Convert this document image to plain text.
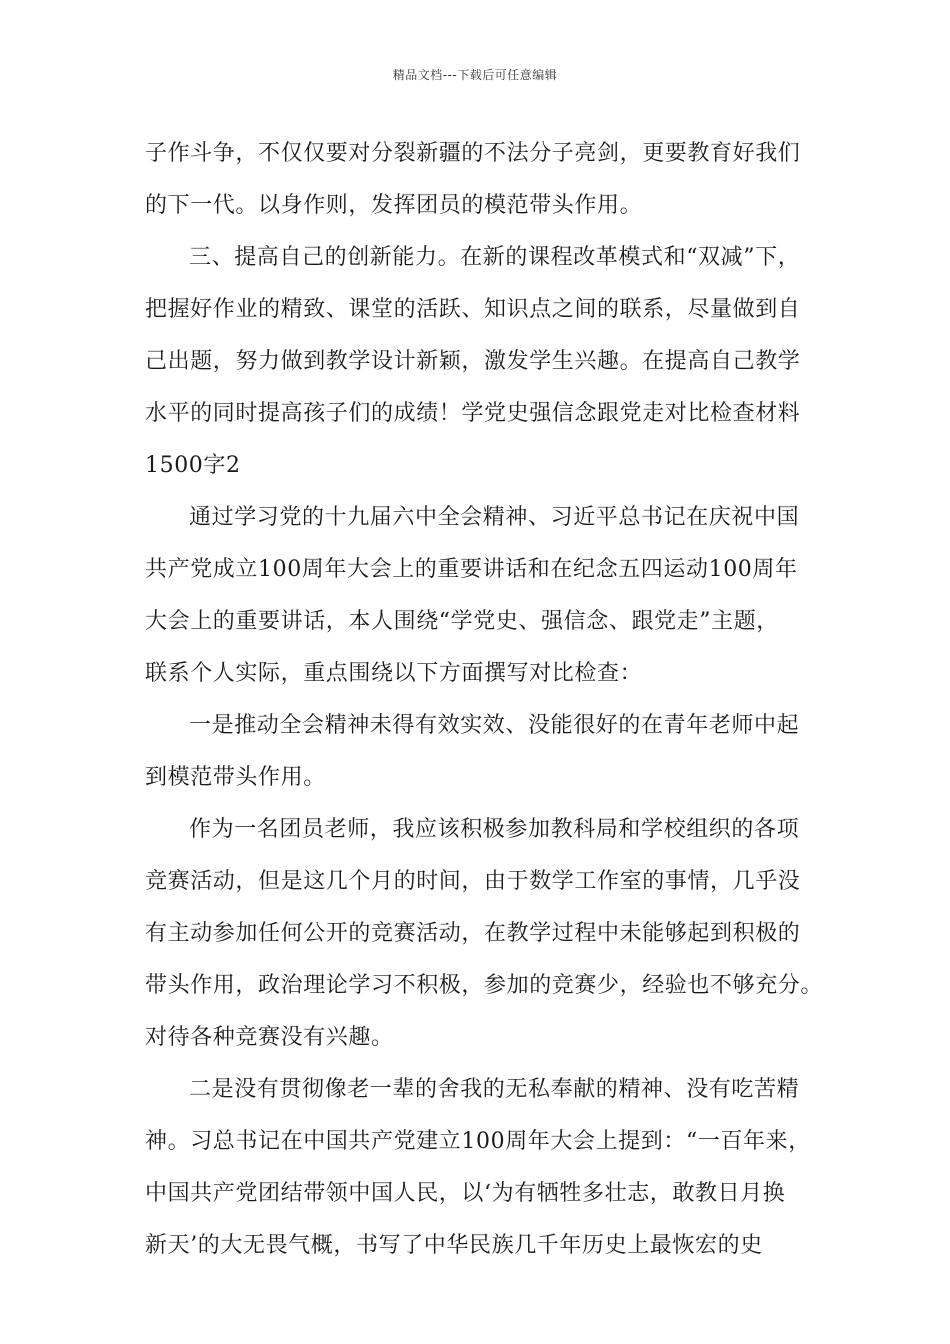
精品文档---下载后可任意编辑
子作斗争，不仅仅要对分裂新疆的不法分子亮剑，更要教育好我们
的下一代。以身作则，发挥团员的模范带头作用。
三、提高自己的创新能力。在新的课程改革模式和“双减”下，
把握好作业的精致、课堂的活跃、知识点之间的联系，尽量做到自
己出题，努力做到教学设计新颖，激发学生兴趣。在提高自己教学
水平的同时提高孩子们的成绩！学党史强信念跟党走对比检查材料
1500字2
通过学习党的十九届六中全会精神、习近平总书记在庆祝中国
共产党成立100周年大会上的重要讲话和在纪念五四运动100周年
大会上的重要讲话，本人围绕“学党史、强信念、跟党走”主题，
联系个人实际，重点围绕以下方面撰写对比检查：
一是推动全会精神未得有效实效、没能很好的在青年老师中起
到模范带头作用。
作为一名团员老师，我应该积极参加教科局和学校组织的各项
竞赛活动，但是这几个月的时间，由于数学工作室的事情，几乎没
有主动参加任何公开的竞赛活动，在教学过程中未能够起到积极的
带头作用，政治理论学习不积极，参加的竞赛少，经验也不够充分。
对待各种竞赛没有兴趣。
二是没有贯彻像老一辈的舍我的无私奉献的精神、没有吃苦精
神。习总书记在中国共产党建立100周年大会上提到：“一百年来，
中国共产党团结带领中国人民，以‘为有牺牲多壮志，敢教日月换
新天’的大无畏气概，书写了中华民族几千年历史上最恢宏的史
